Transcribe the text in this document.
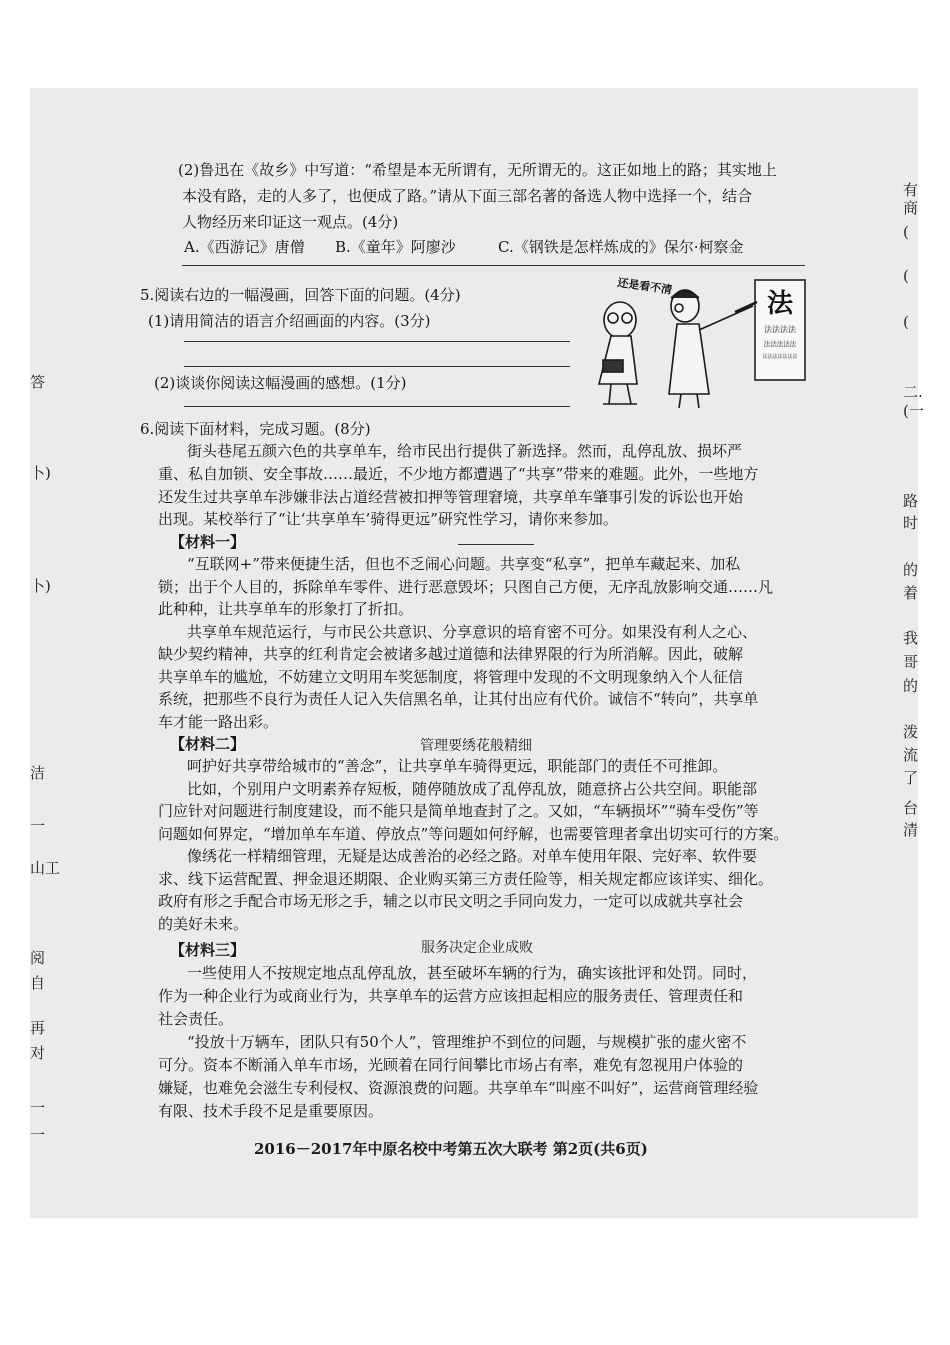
答
卜)
卜)
洁
一
山工
阅
自
再
对
一
一
有
商
(
(
(
二.
(一
路
时
的
着
我
哥
的
泼
流
了
台
清
(2)鲁迅在《故乡》中写道：“希望是本无所谓有，无所谓无的。这正如地上的路；其实地上
本没有路，走的人多了，也便成了路。”请从下面三部名著的备选人物中选择一个，结合
人物经历来印证这一观点。(4分)
A.《西游记》唐僧 B.《童年》阿廖沙	C.《钢铁是怎样炼成的》保尔·柯察金
5.阅读右边的一幅漫画，回答下面的问题。(4分)
(1)请用简洁的语言介绍画面的内容。(3分)
(2)谈谈你阅读这幅漫画的感想。(1分)
法
法法法法
法法法法法
法法法法法法法
还是看不清
6.阅读下面材料，完成习题。(8分)
街头巷尾五颜六色的共享单车，给市民出行提供了新选择。然而，乱停乱放、损坏严
重、私自加锁、安全事故……最近，不少地方都遭遇了“共享”带来的难题。此外，一些地方
还发生过共享单车涉嫌非法占道经营被扣押等管理窘境，共享单车肇事引发的诉讼也开始
出现。某校举行了“让‘共享单车’骑得更远”研究性学习，请你来参加。
【材料一】
“互联网+”带来便捷生活，但也不乏闹心问题。共享变“私享”，把单车藏起来、加私
锁；出于个人目的，拆除单车零件、进行恶意毁坏；只图自己方便，无序乱放影响交通……凡
此种种，让共享单车的形象打了折扣。
共享单车规范运行，与市民公共意识、分享意识的培育密不可分。如果没有利人之心、
缺少契约精神，共享的红利肯定会被诸多越过道德和法律界限的行为所消解。因此，破解
共享单车的尴尬，不妨建立文明用车奖惩制度，将管理中发现的不文明现象纳入个人征信
系统，把那些不良行为责任人记入失信黑名单，让其付出应有代价。诚信不“转向”，共享单
车才能一路出彩。
【材料二】	管理要绣花般精细
呵护好共享带给城市的“善念”，让共享单车骑得更远，职能部门的责任不可推卸。
比如，个别用户文明素养存短板，随停随放成了乱停乱放，随意挤占公共空间。职能部
门应针对问题进行制度建设，而不能只是简单地查封了之。又如，“车辆损坏”“骑车受伤”等
问题如何界定，“增加单车车道、停放点”等问题如何纾解，也需要管理者拿出切实可行的方案。
像绣花一样精细管理，无疑是达成善治的必经之路。对单车使用年限、完好率、软件要
求、线下运营配置、押金退还期限、企业购买第三方责任险等，相关规定都应该详实、细化。
政府有形之手配合市场无形之手，辅之以市民文明之手同向发力，一定可以成就共享社会
的美好未来。
【材料三】	服务决定企业成败
一些使用人不按规定地点乱停乱放，甚至破坏车辆的行为，确实该批评和处罚。同时，
作为一种企业行为或商业行为，共享单车的运营方应该担起相应的服务责任、管理责任和
社会责任。
“投放十万辆车，团队只有50个人”，管理维护不到位的问题，与规模扩张的虚火密不
可分。资本不断涌入单车市场，光顾着在同行间攀比市场占有率，难免有忽视用户体验的
嫌疑，也难免会滋生专利侵权、资源浪费的问题。共享单车“叫座不叫好”，运营商管理经验
有限、技术手段不足是重要原因。
2016－2017年中原名校中考第五次大联考 第2页(共6页)
